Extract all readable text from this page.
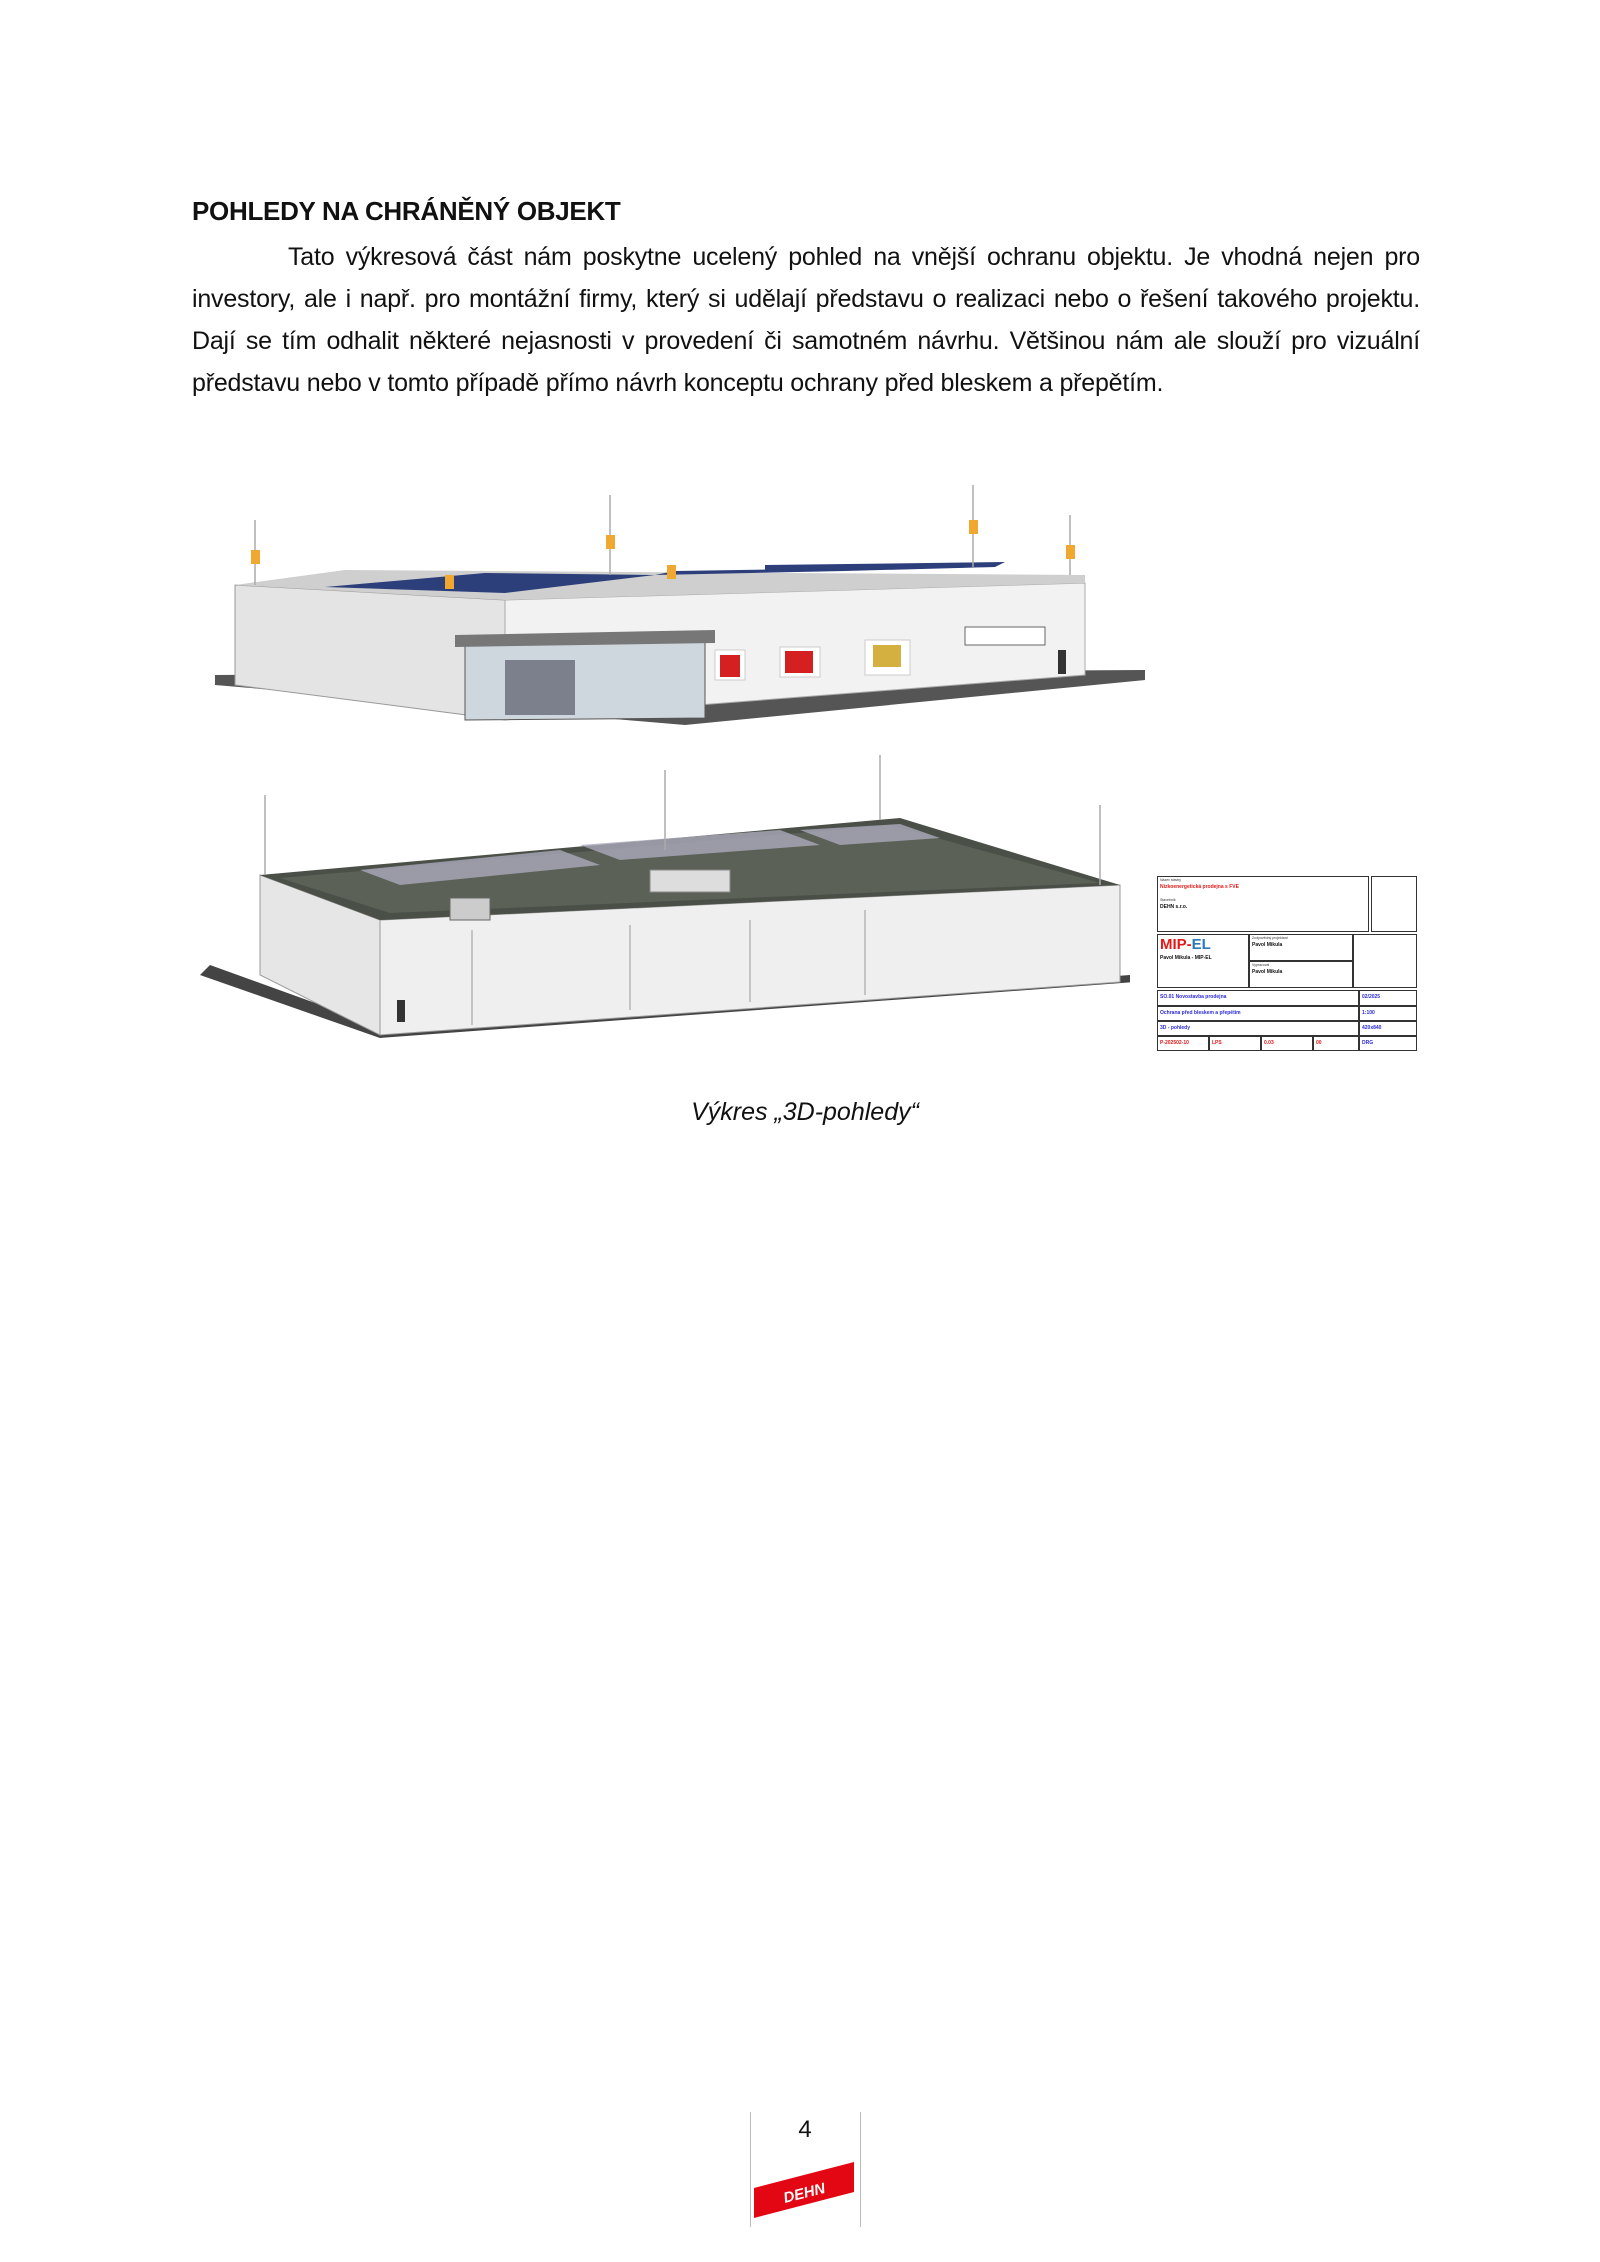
POHLEDY NA CHRÁNĚNÝ OBJEKT
Tato výkresová část nám poskytne ucelený pohled na vnější ochranu objektu. Je vhodná nejen pro investory, ale i např. pro montážní firmy, který si udělají představu o realizaci nebo o řešení takového projektu. Dají se tím odhalit některé nejasnosti v provedení či samotném návrhu. Většinou nám ale slouží pro vizuální představu nebo v tomto případě přímo návrh konceptu ochrany před bleskem a přepětím.
Název stavby
Nízkoenergetická prodejna s FVE
Stavebník
DEHN s.r.o.
MIP-EL
Pavol Mikula - MIP-EL
Zodpovědný projektant
Pavol Mikula
Vypracoval
Pavol Mikula
SO.01 Novostavba prodejna	02/2025
Ochrana před bleskem a přepětím	1:100
3D - pohledy	420x840
P-202502-10	LPS	0.03	00	DRG
Výkres „3D-pohledy“
4
DEHN
